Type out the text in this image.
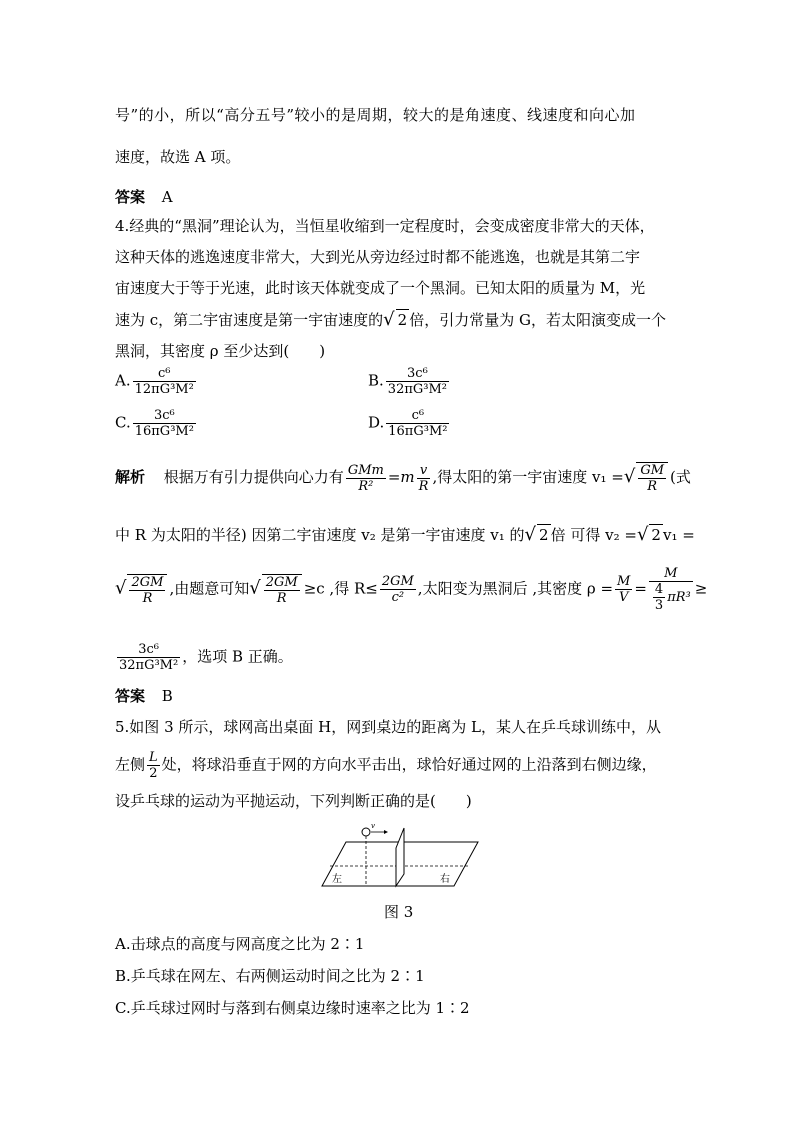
号”的小，所以“高分五号”较小的是周期，较大的是角速度、线速度和向心加
速度，故选 A 项。
答案 A
4.经典的“黑洞”理论认为，当恒星收缩到一定程度时，会变成密度非常大的天体，
这种天体的逃逸速度非常大，大到光从旁边经过时都不能逃逸，也就是其第二宇
宙速度大于等于光速，此时该天体就变成了一个黑洞。已知太阳的质量为 M，光
速为 c，第二宇宙速度是第一宇宙速度的√ 2 倍，引力常量为 G，若太阳演变成一个
黑洞，其密度 ρ 至少达到(　　)
A. $\frac{\text{c⁶}}{\text{12πG³M²}}$	B. $\frac{\text{3c⁶}}{\text{32πG³M²}}$
C. $\frac{\text{3c⁶}}{\text{16πG³M²}}$	D. $\frac{\text{c⁶}}{\text{16πG³M²}}$
解析 根据万有引力提供向心力有 $\frac{\text{GMm}}{\text{R²}} =m \frac{v}{R}$ ,得太阳的第一宇宙速度 v₁ =√ $\frac{GM}{R}$ (式
中 R 为太阳的半径) 因第二宇宙速度 v₂ 是第一宇宙速度 v₁ 的√ 2 倍 可得 v₂ =√ 2 v₁ =
√ $\frac{2GM}{R}$ ,由题意可知√ $\frac{2GM}{R} \ge c$ ,得 $R\le \frac{2GM}{\text{c²}}$ ,太阳变为黑洞后 ,其密度 $\rho = \frac{M}{V} = \frac{M}{\frac{4}{3} \pi R^3}$ ≥
$\frac{\text{3c⁶}}{\text{32πG³M²}}$ ，选项 B 正确。
答案 B
5.如图 3 所示，球网高出桌面 H，网到桌边的距离为 L，某人在乒乓球训练中，从
左侧 $\frac{L}{2}$ 处，将球沿垂直于网的方向水平击出，球恰好通过网的上沿落到右侧边缘，
设乒乓球的运动为平抛运动，下列判断正确的是(　　)
v
左	右
图 3
A.击球点的高度与网高度之比为 2∶1
B.乒乓球在网左、右两侧运动时间之比为 2∶1
C.乒乓球过网时与落到右侧桌边缘时速率之比为 1∶2
